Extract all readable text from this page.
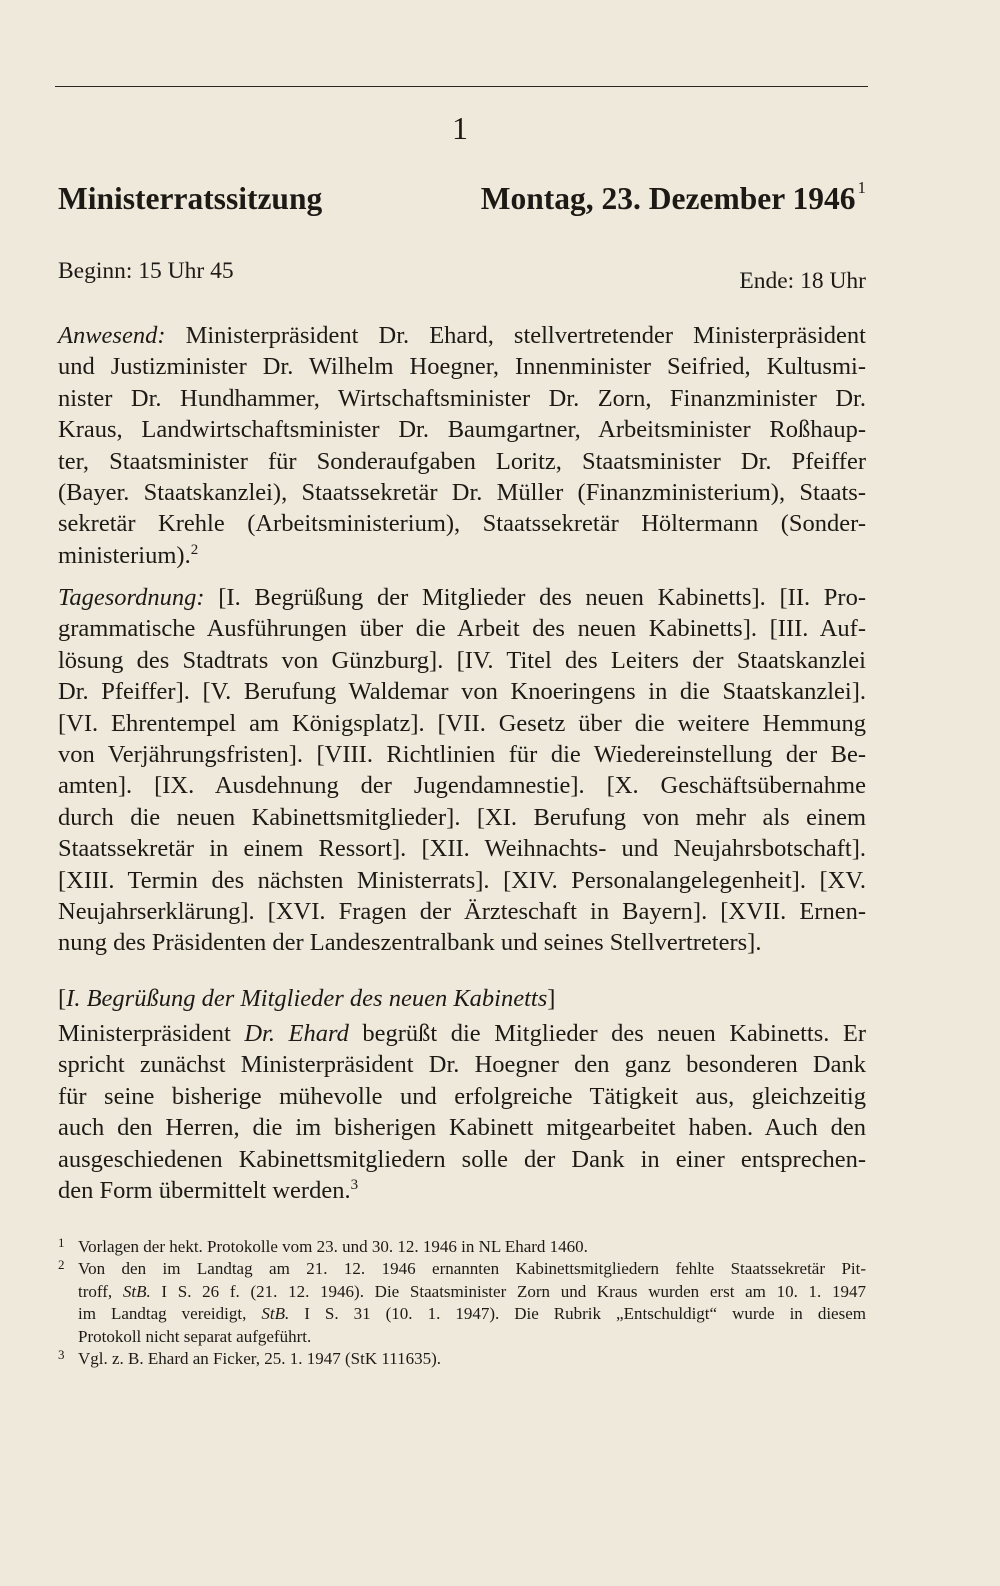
1
Ministerratssitzung	Montag, 23. Dezember 1946 $^1$
Beginn: 15 Uhr 45	Ende: 18 Uhr
Anwesend: Ministerpräsident Dr. Ehard, stellvertretender Ministerpräsident
und Justizminister Dr. Wilhelm Hoegner, Innenminister Seifried, Kultusmi-
nister Dr. Hundhammer, Wirtschaftsminister Dr. Zorn, Finanzminister Dr.
Kraus, Landwirtschaftsminister Dr. Baumgartner, Arbeitsminister Roßhaup-
ter, Staatsminister für Sonderaufgaben Loritz, Staatsminister Dr. Pfeiffer
(Bayer. Staatskanzlei), Staatssekretär Dr. Müller (Finanzministerium), Staats-
sekretär Krehle (Arbeitsministerium), Staatssekretär Höltermann (Sonder-
ministerium).$^2$
Tagesordnung: [I. Begrüßung der Mitglieder des neuen Kabinetts]. [II. Pro-
grammatische Ausführungen über die Arbeit des neuen Kabinetts]. [III. Auf-
lösung des Stadtrats von Günzburg]. [IV. Titel des Leiters der Staatskanzlei
Dr. Pfeiffer]. [V. Berufung Waldemar von Knoeringens in die Staatskanzlei].
[VI. Ehrentempel am Königsplatz]. [VII. Gesetz über die weitere Hemmung
von Verjährungsfristen]. [VIII. Richtlinien für die Wiedereinstellung der Be-
amten]. [IX. Ausdehnung der Jugendamnestie]. [X. Geschäftsübernahme
durch die neuen Kabinettsmitglieder]. [XI. Berufung von mehr als einem
Staatssekretär in einem Ressort]. [XII. Weihnachts- und Neujahrsbotschaft].
[XIII. Termin des nächsten Ministerrats]. [XIV. Personalangelegenheit]. [XV.
Neujahrserklärung]. [XVI. Fragen der Ärzteschaft in Bayern]. [XVII. Ernen-
nung des Präsidenten der Landeszentralbank und seines Stellvertreters].
[I. Begrüßung der Mitglieder des neuen Kabinetts]
Ministerpräsident Dr. Ehard begrüßt die Mitglieder des neuen Kabinetts. Er
spricht zunächst Ministerpräsident Dr. Hoegner den ganz besonderen Dank
für seine bisherige mühevolle und erfolgreiche Tätigkeit aus, gleichzeitig
auch den Herren, die im bisherigen Kabinett mitgearbeitet haben. Auch den
ausgeschiedenen Kabinettsmitgliedern solle der Dank in einer entsprechen-
den Form übermittelt werden.$^3$
1 Vorlagen der hekt. Protokolle vom 23. und 30. 12. 1946 in NL Ehard 1460.
2 Von den im Landtag am 21. 12. 1946 ernannten Kabinettsmitgliedern fehlte Staatssekretär Pit-
troff, StB. I S. 26 f. (21. 12. 1946). Die Staatsminister Zorn und Kraus wurden erst am 10. 1. 1947
im Landtag vereidigt, StB. I S. 31 (10. 1. 1947). Die Rubrik „Entschuldigt“ wurde in diesem
Protokoll nicht separat aufgeführt.
3 Vgl. z. B. Ehard an Ficker, 25. 1. 1947 (StK 111635).
